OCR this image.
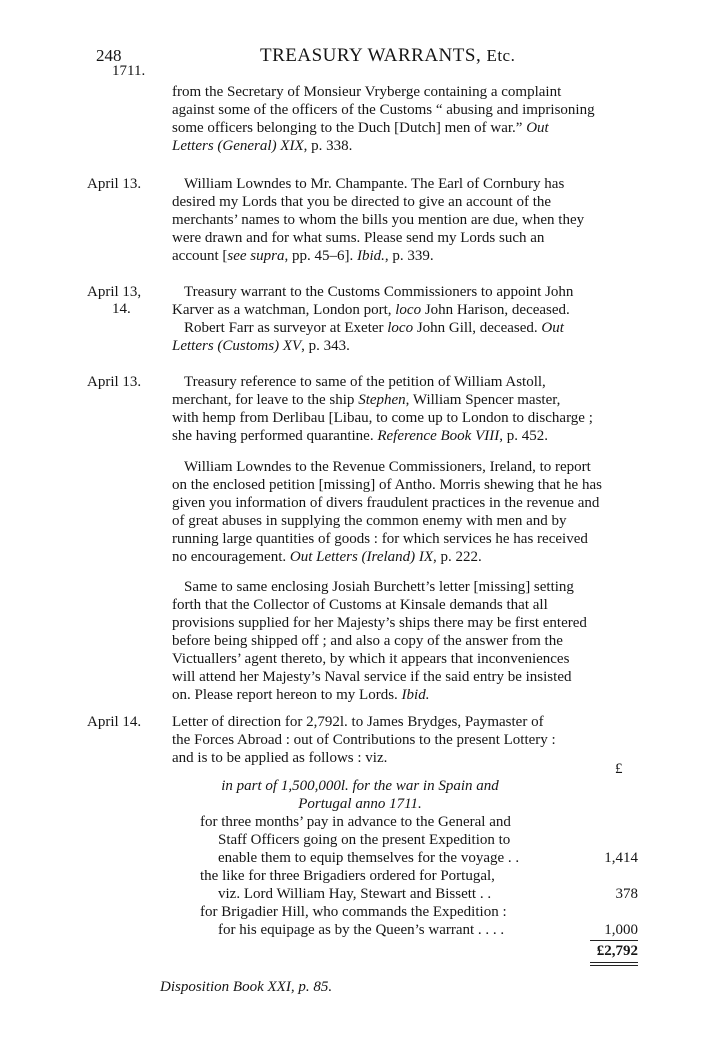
248
1711.
TREASURY WARRANTS, Etc.
from the Secretary of Monsieur Vryberge containing a complaint
against some of the officers of the Customs “ abusing and imprisoning
some officers belonging to the Duch [Dutch] men of war.” Out
Letters (General) XIX, p. 338.
April 13.	William Lowndes to Mr. Champante. The Earl of Cornbury has
desired my Lords that you be directed to give an account of the
merchants’ names to whom the bills you mention are due, when they
were drawn and for what sums. Please send my Lords such an
account [see supra, pp. 45–6]. Ibid., p. 339.
April 13,
14.
Treasury warrant to the Customs Commissioners to appoint John
Karver as a watchman, London port, loco John Harison, deceased.
Robert Farr as surveyor at Exeter loco John Gill, deceased. Out
Letters (Customs) XV, p. 343.
April 13.	Treasury reference to same of the petition of William Astoll,
merchant, for leave to the ship Stephen, William Spencer master,
with hemp from Derlibau [Libau, to come up to London to discharge ;
she having performed quarantine. Reference Book VIII, p. 452.
William Lowndes to the Revenue Commissioners, Ireland, to report
on the enclosed petition [missing] of Antho. Morris shewing that he has
given you information of divers fraudulent practices in the revenue and
of great abuses in supplying the common enemy with men and by
running large quantities of goods : for which services he has received
no encouragement. Out Letters (Ireland) IX, p. 222.
Same to same enclosing Josiah Burchett’s letter [missing] setting
forth that the Collector of Customs at Kinsale demands that all
provisions supplied for her Majesty’s ships there may be first entered
before being shipped off ; and also a copy of the answer from the
Victuallers’ agent thereto, by which it appears that inconveniences
will attend her Majesty’s Naval service if the said entry be insisted
on. Please report hereon to my Lords. Ibid.
April 14. Letter of direction for 2,792l. to James Brydges, Paymaster of
the Forces Abroad : out of Contributions to the present Lottery :
and is to be applied as follows : viz.
£
in part of 1,500,000l. for the war in Spain and
Portugal anno 1711.
for three months’ pay in advance to the General and
Staff Officers going on the present Expedition to
enable them to equip themselves for the voyage . .	1,414
the like for three Brigadiers ordered for Portugal,
viz. Lord William Hay, Stewart and Bissett . .	378
for Brigadier Hill, who commands the Expedition :
for his equipage as by the Queen’s warrant . . . .	1,000
£2,792
Disposition Book XXI, p. 85.
